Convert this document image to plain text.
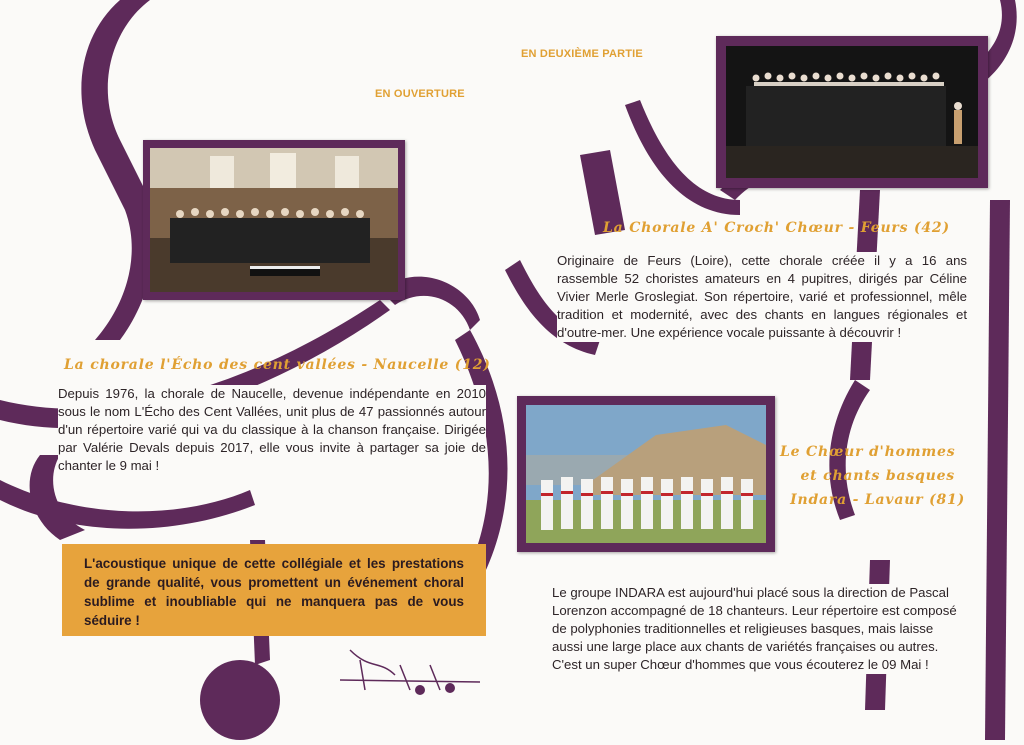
EN OUVERTURE
EN DEUXIÈME PARTIE
La chorale l'Écho des cent vallées - Naucelle (12)
Depuis 1976, la chorale de Naucelle, devenue indépendante en 2010 sous le nom L'Écho des Cent Vallées, unit plus de 47 passionnés autour d'un répertoire varié qui va du classique à la chanson française. Dirigée par Valérie Devals depuis 2017, elle vous invite à partager sa joie de chanter le 9 mai !
L'acoustique unique de cette collégiale et les prestations de grande qualité, vous promettent un événement choral sublime et inoubliable qui ne manquera pas de vous séduire !
La Chorale A' Croch' Chœur - Feurs (42)
Originaire de Feurs (Loire), cette chorale créée il y a 16 ans rassemble 52 choristes amateurs en 4 pupitres, dirigés par Céline Vivier Merle Groslegiat. Son répertoire, varié et professionnel, mêle tradition et modernité, avec des chants en langues régionales et d'outre-mer. Une expérience vocale puissante à découvrir !
Le Chœur d'hommes
et chants basques
Indara - Lavaur (81)
Le groupe INDARA est aujourd'hui placé sous la direction de Pascal Lorenzon accompagné de 18 chanteurs. Leur répertoire est composé de polyphonies traditionnelles et religieuses basques, mais laisse aussi une large place aux chants de variétés françaises ou autres. C'est un super Chœur d'hommes que vous écouterez le 09 Mai !
